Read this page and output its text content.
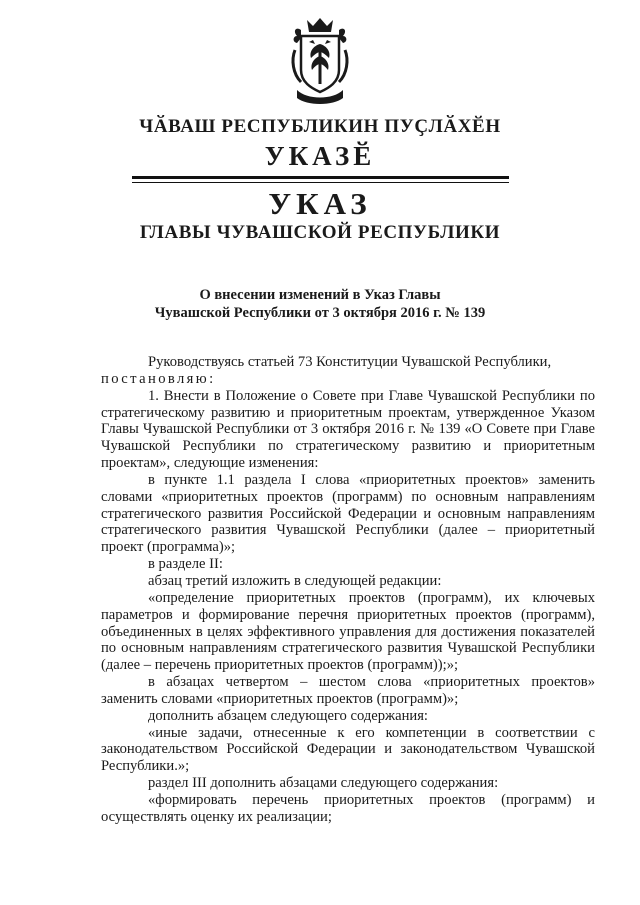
ЧӐВАШ РЕСПУБЛИКИН ПУҪЛӐХӖН
УКАЗӖ
УКАЗ
ГЛАВЫ ЧУВАШСКОЙ РЕСПУБЛИКИ
О внесении изменений в Указ Главы
Чувашской Республики от 3 октября 2016 г. № 139

Руководствуясь статьей 73 Конституции Чувашской Республики,

постановляю:

1. Внести в Положение о Совете при Главе Чувашской Республики по стратегическому развитию и приоритетным проектам, утвержденное Указом Главы Чувашской Республики от 3 октября 2016 г. № 139 «О Совете при Главе Чувашской Республики по стратегическому развитию и приоритетным проектам», следующие изменения:

в пункте 1.1 раздела I слова «приоритетных проектов» заменить словами «приоритетных проектов (программ) по основным направлениям стратегического развития Российской Федерации и основным направлениям стратегического развития Чувашской Республики (далее – приоритетный проект (программа)»;

в разделе II:

абзац третий изложить в следующей редакции:

«определение приоритетных проектов (программ), их ключевых параметров и формирование перечня приоритетных проектов (программ), объединенных в целях эффективного управления для достижения показателей по основным направлениям стратегического развития Чувашской Республики (далее – перечень приоритетных проектов (программ));»;

в абзацах четвертом – шестом слова «приоритетных проектов» заменить словами «приоритетных проектов (программ)»;

дополнить абзацем следующего содержания:

«иные задачи, отнесенные к его компетенции в соответствии с законодательством Российской Федерации и законодательством Чувашской Республики.»;

раздел III дополнить абзацами следующего содержания:

«формировать перечень приоритетных проектов (программ) и осуществлять оценку их реализации;
